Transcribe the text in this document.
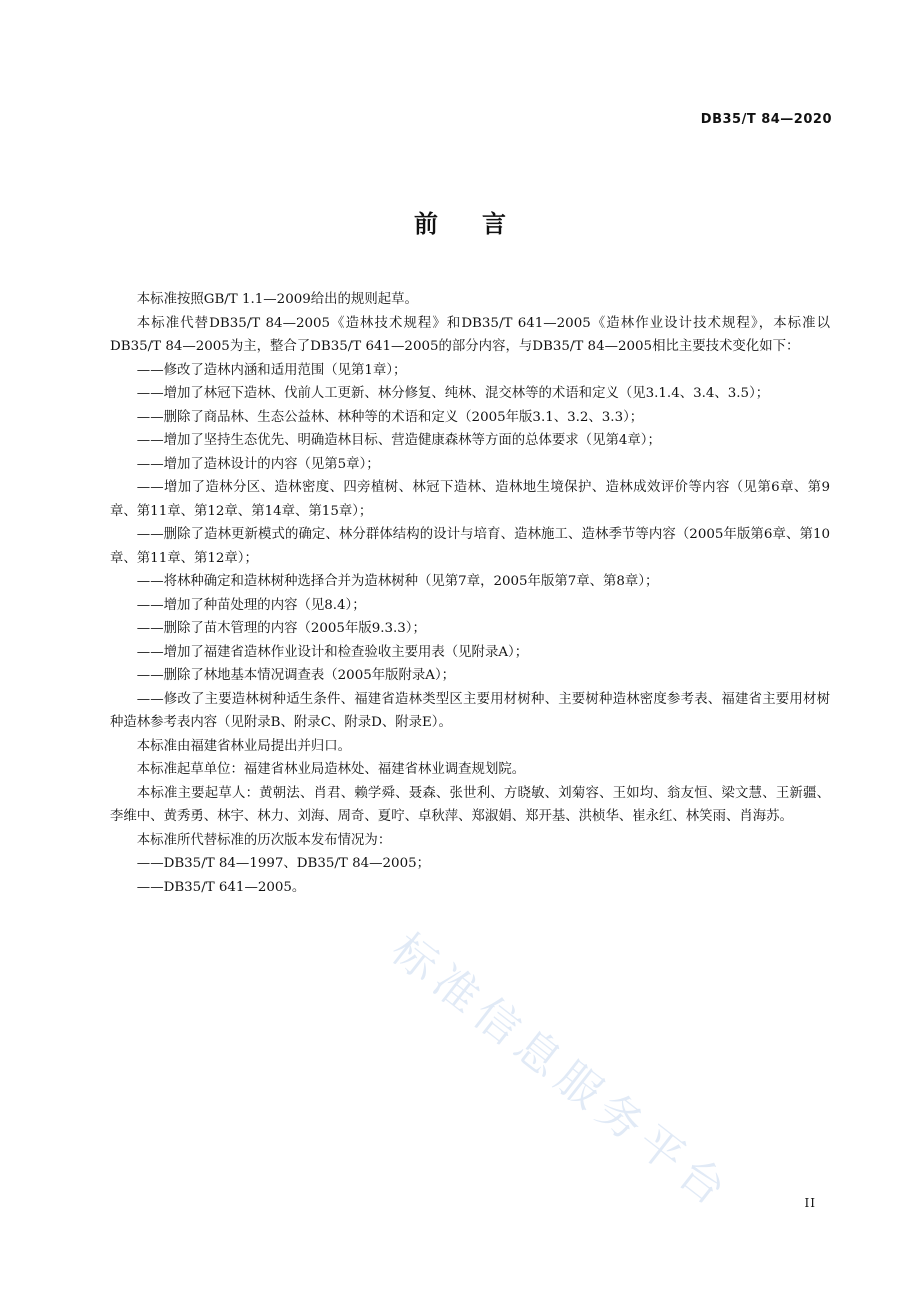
DB35/T 84—2020
前 言

本标准按照GB/T 1.1—2009给出的规则起草。

本标准代替DB35/T 84—2005《造林技术规程》和DB35/T 641—2005《造林作业设计技术规程》，本标准以DB35/T 84—2005为主，整合了DB35/T 641—2005的部分内容，与DB35/T 84—2005相比主要技术变化如下：

——修改了造林内涵和适用范围（见第1章）；

——增加了林冠下造林、伐前人工更新、林分修复、纯林、混交林等的术语和定义（见3.1.4、3.4、3.5）；

——删除了商品林、生态公益林、林种等的术语和定义（2005年版3.1、3.2、3.3）；

——增加了坚持生态优先、明确造林目标、营造健康森林等方面的总体要求（见第4章）；

——增加了造林设计的内容（见第5章）；

——增加了造林分区、造林密度、四旁植树、林冠下造林、造林地生境保护、造林成效评价等内容（见第6章、第9章、第11章、第12章、第14章、第15章）；

——删除了造林更新模式的确定、林分群体结构的设计与培育、造林施工、造林季节等内容（2005年版第6章、第10章、第11章、第12章）；

——将林种确定和造林树种选择合并为造林树种（见第7章，2005年版第7章、第8章）；

——增加了种苗处理的内容（见8.4）；

——删除了苗木管理的内容（2005年版9.3.3）；

——增加了福建省造林作业设计和检查验收主要用表（见附录A）；

——删除了林地基本情况调查表（2005年版附录A）；

——修改了主要造林树种适生条件、福建省造林类型区主要用材树种、主要树种造林密度参考表、福建省主要用材树种造林参考表内容（见附录B、附录C、附录D、附录E）。

本标准由福建省林业局提出并归口。

本标准起草单位：福建省林业局造林处、福建省林业调查规划院。

本标准主要起草人：黄朝法、肖君、赖学舜、聂森、张世利、方晓敏、刘菊容、王如均、翁友恒、梁文慧、王新疆、李维中、黄秀勇、林宇、林力、刘海、周奇、夏咛、卓秋萍、郑淑娟、郑开基、洪桢华、崔永红、林笑雨、肖海苏。

本标准所代替标准的历次版本发布情况为：

——DB35/T 84—1997、DB35/T 84—2005；

——DB35/T 641—2005。

标准信息服务平台	II
